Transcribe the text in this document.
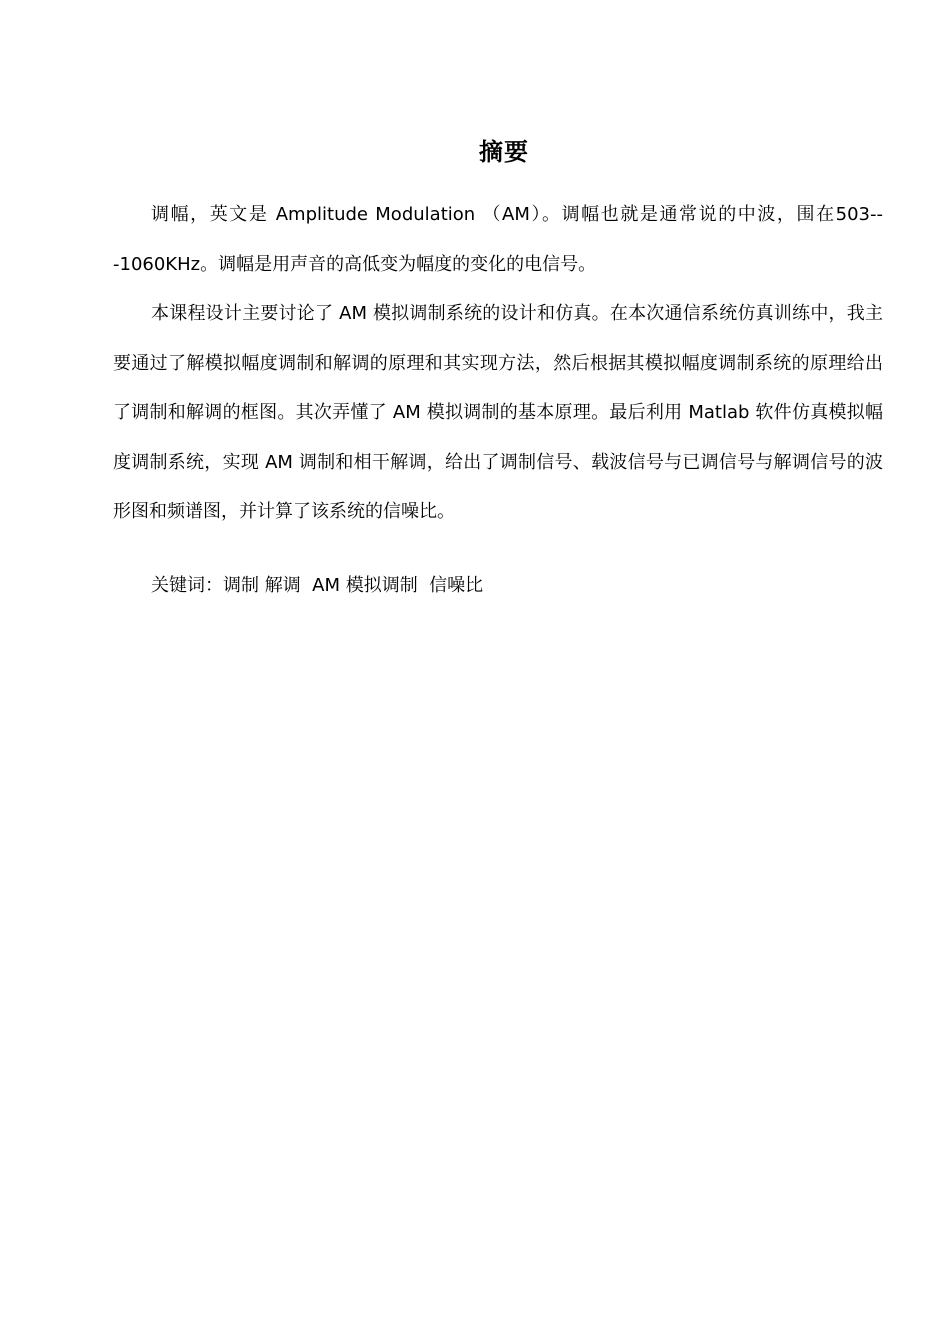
摘要

调幅，英文是 Amplitude Modulation （AM）。调幅也就是通常说的中波，围在503---1060KHz。调幅是用声音的高低变为幅度的变化的电信号。

本课程设计主要讨论了 AM 模拟调制系统的设计和仿真。在本次通信系统仿真训练中，我主要通过了解模拟幅度调制和解调的原理和其实现方法，然后根据其模拟幅度调制系统的原理给出了调制和解调的框图。其次弄懂了 AM 模拟调制的基本原理。最后利用 Matlab 软件仿真模拟幅度调制系统，实现 AM 调制和相干解调，给出了调制信号、载波信号与已调信号与解调信号的波形图和频谱图，并计算了该系统的信噪比。

关键词：调制 解调  AM 模拟调制  信噪比
